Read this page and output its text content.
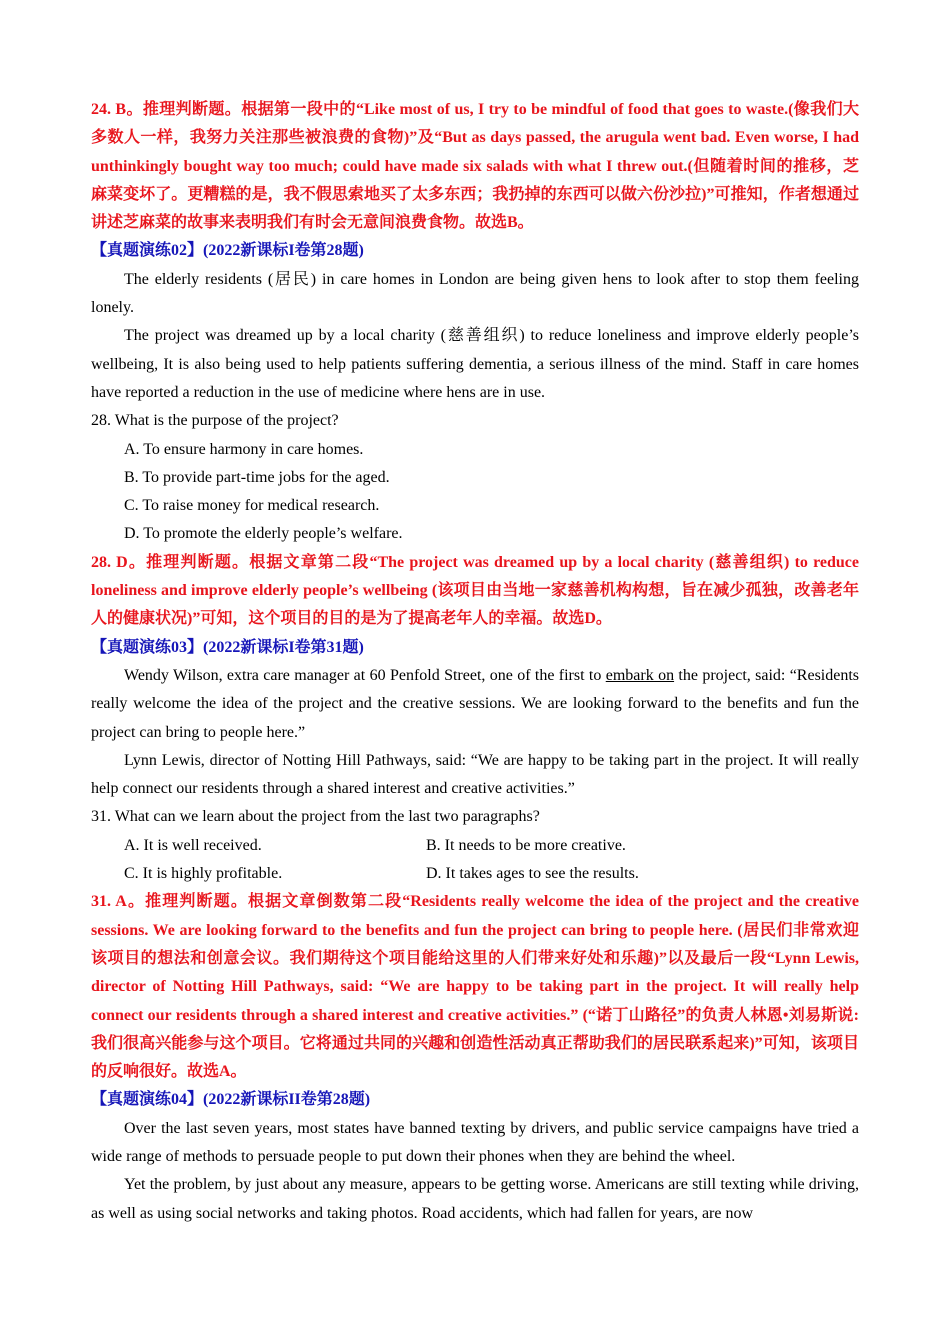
24. B。推理判断题。根据第一段中的“Like most of us, I try to be mindful of food that goes to waste.(像我们大多数人一样，我努力关注那些被浪费的食物)”及“But as days passed, the arugula went bad. Even worse, I had unthinkingly bought way too much; could have made six salads with what I threw out.(但随着时间的推移，芝麻菜变坏了。更糟糕的是，我不假思索地买了太多东西；我扔掉的东西可以做六份沙拉)”可推知，作者想通过讲述芝麻菜的故事来表明我们有时会无意间浪费食物。故选B。

【真题演练02】(2022新课标I卷第28题)

The elderly residents (居民) in care homes in London are being given hens to look after to stop them feeling lonely.

The project was dreamed up by a local charity (慈善组织) to reduce loneliness and improve elderly people’s wellbeing, It is also being used to help patients suffering dementia, a serious illness of the mind. Staff in care homes have reported a reduction in the use of medicine where hens are in use.

28. What is the purpose of the project?

A. To ensure harmony in care homes.

B. To provide part-time jobs for the aged.

C. To raise money for medical research.

D. To promote the elderly people’s welfare.

28. D。推理判断题。根据文章第二段“The project was dreamed up by a local charity (慈善组织) to reduce loneliness and improve elderly people’s wellbeing (该项目由当地一家慈善机构构想，旨在减少孤独，改善老年人的健康状况)”可知，这个项目的目的是为了提高老年人的幸福。故选D。

【真题演练03】(2022新课标I卷第31题)

Wendy Wilson, extra care manager at 60 Penfold Street, one of the first to embark on the project, said: “Residents really welcome the idea of the project and the creative sessions. We are looking forward to the benefits and fun the project can bring to people here.”

Lynn Lewis, director of Notting Hill Pathways, said: “We are happy to be taking part in the project. It will really help connect our residents through a shared interest and creative activities.”

31. What can we learn about the project from the last two paragraphs?

A. It is well received.	B. It needs to be more creative.
C. It is highly profitable.	D. It takes ages to see the results.

31. A。推理判断题。根据文章倒数第二段“Residents really welcome the idea of the project and the creative sessions. We are looking forward to the benefits and fun the project can bring to people here. (居民们非常欢迎该项目的想法和创意会议。我们期待这个项目能给这里的人们带来好处和乐趣)”以及最后一段“Lynn Lewis, director of Notting Hill Pathways, said: “We are happy to be taking part in the project. It will really help connect our residents through a shared interest and creative activities.” (“诺丁山路径”的负责人林恩•刘易斯说:我们很高兴能参与这个项目。它将通过共同的兴趣和创造性活动真正帮助我们的居民联系起来)”可知，该项目的反响很好。故选A。

【真题演练04】(2022新课标II卷第28题)

Over the last seven years, most states have banned texting by drivers, and public service campaigns have tried a wide range of methods to persuade people to put down their phones when they are behind the wheel.

Yet the problem, by just about any measure, appears to be getting worse. Americans are still texting while driving, as well as using social networks and taking photos. Road accidents, which had fallen for years, are now
